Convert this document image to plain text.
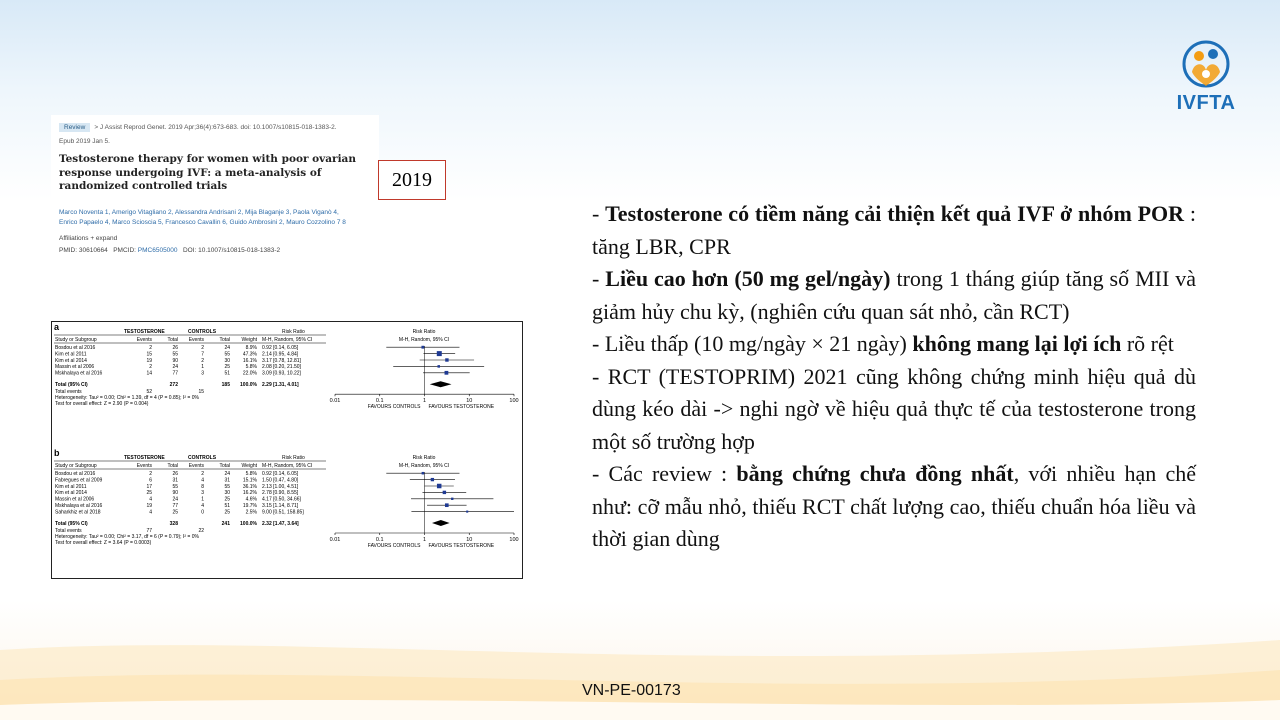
IVFTA
Review > J Assist Reprod Genet. 2019 Apr;36(4):673-683. doi: 10.1007/s10815-018-1383-2.
Epub 2019 Jan 5.
Testosterone therapy for women with poor ovarian response undergoing IVF: a meta-analysis of randomized controlled trials
Marco Noventa 1, Amerigo Vitagliano 2, Alessandra Andrisani 2, Mija Blaganje 3, Paola Viganò 4,
Enrico Papaelo 4, Marco Scioscia 5, Francesco Cavallin 6, Guido Ambrosini 2, Mauro Cozzolino 7 8
Affiliations + expand
PMID: 30610664 PMCID: PMC6505000 DOI: 10.1007/s10815-018-1383-2
2019
a	TESTOSTERONE	CONTROLS	Risk Ratio	Risk Ratio
Study or Subgroup	Events	Total Events	Total Weight M-H, Random, 95% CI	M-H, Random, 95% CI
Bosdou et al 2016	2	26	2	24	8.9% 0.92 [0.14, 6.05]
Kim et al 2011	15	55	7	55	47.3% 2.14 [0.95, 4.84]
Kim et al 2014	19	90	2	30	16.1% 3.17 [0.78, 12.81]
Massin et al 2006	2	24	1	25	5.8% 2.08 [0.20, 21.50]
Mskhalaya et al 2016	14	77	3	51	22.0% 3.09 [0.93, 10.22]
Total (95% CI)	272	185 100.0% 2.29 [1.31, 4.01]
Total events	52	15
Heterogeneity: Tau² = 0.00; Chi² = 1.39, df = 4 (P = 0.85); I² = 0%
Test for overall effect: Z = 2.90 (P = 0.004)	0.01	0.1	1	10	100
FAVOURS CONTROLS FAVOURS TESTOSTERONE
b	TESTOSTERONE	CONTROLS	Risk Ratio	Risk Ratio
Study or Subgroup	Events	Total Events	Total Weight M-H, Random, 95% CI	M-H, Random, 95% CI
Bosdou et al 2016	2	26	2	24	5.8% 0.92 [0.14, 6.05]
Fabregues et al 2009	6	31	4	31	15.1% 1.50 [0.47, 4.80]
Kim et al 2011	17	55	8	55	36.1% 2.13 [1.00, 4.51]
Kim et al 2014	25	90	3	30	16.2% 2.78 [0.90, 8.55]
Massin et al 2006	4	24	1	25	4.6% 4.17 [0.50, 34.66]
Mskhalaya et al 2016	19	77	4	51	19.7% 3.15 [1.14, 8.71]
Saharkhiz et al 2018	4	25	0	25	2.5% 9.00 [0.51, 158.85]
Total (95% CI)	328	241 100.0% 2.32 [1.47, 3.64]
Total events	77	22
Heterogeneity: Tau² = 0.00; Chi² = 3.17, df = 6 (P = 0.79); I² = 0%
Test for overall effect: Z = 3.64 (P = 0.0003)	0.01	0.1	1	10	100
FAVOURS CONTROLS FAVOURS TESTOSTERONE

- Testosterone có tiềm năng cải thiện kết quả IVF ở nhóm POR : tăng LBR, CPR

- Liều cao hơn (50 mg gel/ngày) trong 1 tháng giúp tăng số MII và giảm hủy chu kỳ, (nghiên cứu quan sát nhỏ, cần RCT)

- Liều thấp (10 mg/ngày × 21 ngày) không mang lại lợi ích rõ rệt

- RCT (TESTOPRIM) 2021 cũng không chứng minh hiệu quả dù dùng kéo dài -> nghi ngờ về hiệu quả thực tế của testosterone trong một số trường hợp

- Các review : bằng chứng chưa đồng nhất, với nhiều hạn chế như: cỡ mẫu nhỏ, thiếu RCT chất lượng cao, thiếu chuẩn hóa liều và thời gian dùng

VN-PE-00173
